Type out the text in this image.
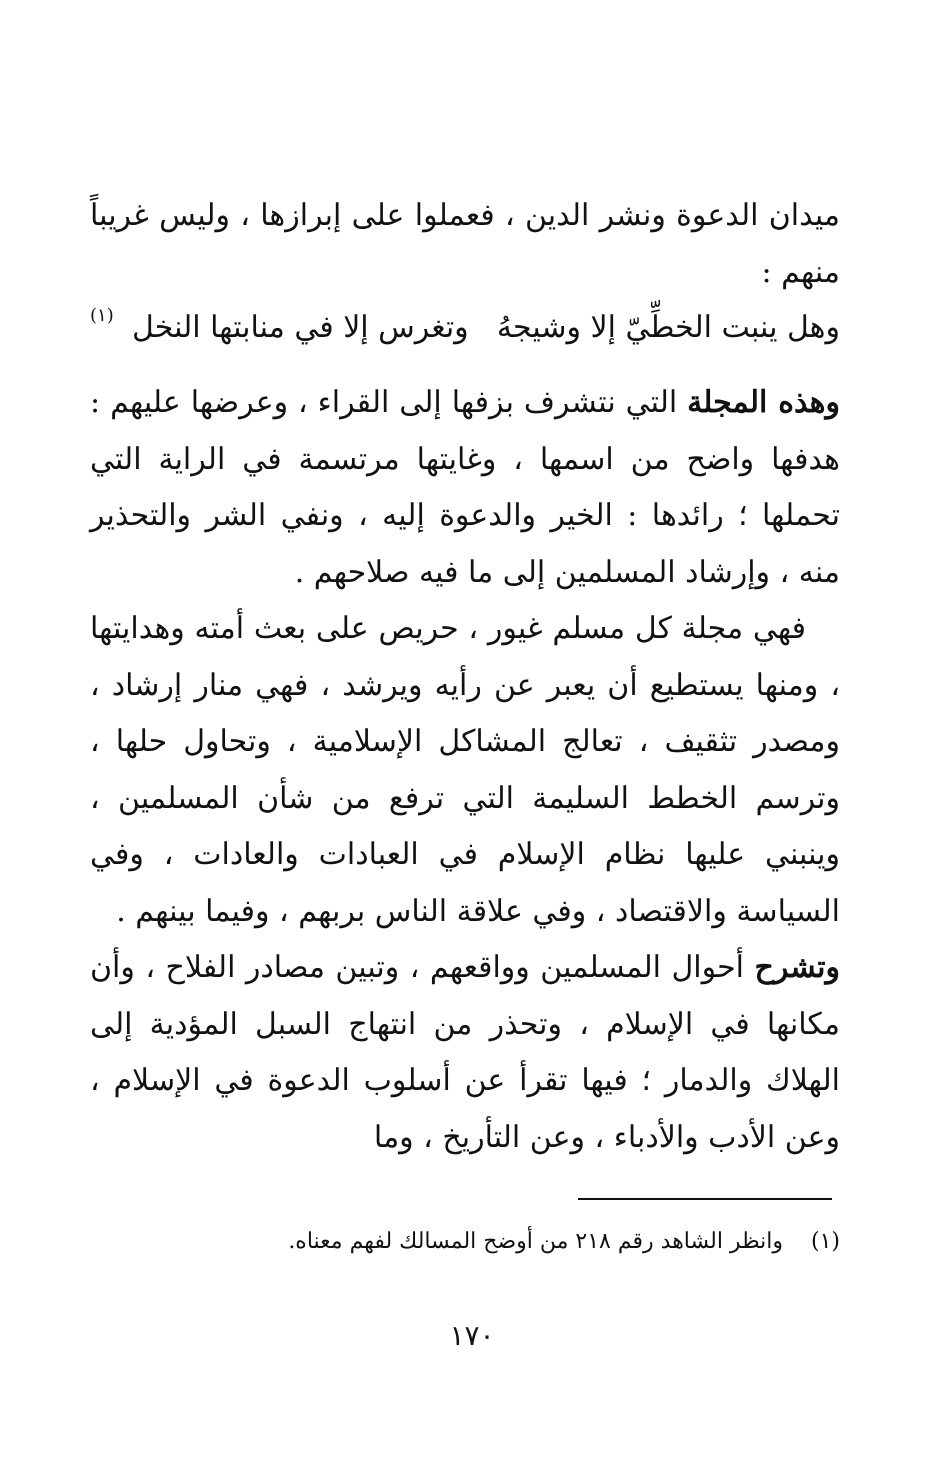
ميدان الدعوة ونشر الدين ، فعملوا على إبرازها ، وليس غريباً منهم :

وهل ينبت الخطِّيّ إلا وشيجهُ
وتغرس إلا في منابتها النخل
(١)

وهذه المجلة التي نتشرف بزفها إلى القراء ، وعرضها عليهم : هدفها واضح من اسمها ، وغايتها مرتسمة في الراية التي تحملها ؛ رائدها : الخير والدعوة إليه ، ونفي الشر والتحذير منه ، وإرشاد المسلمين إلى ما فيه صلاحهم .

فهي مجلة كل مسلم غيور ، حريص على بعث أمته وهدايتها ، ومنها يستطيع أن يعبر عن رأيه ويرشد ، فهي منار إرشاد ، ومصدر تثقيف ، تعالج المشاكل الإسلامية ، وتحاول حلها ، وترسم الخطط السليمة التي ترفع من شأن المسلمين ، وينبني عليها نظام الإسلام في العبادات والعادات ، وفي السياسة والاقتصاد ، وفي علاقة الناس بربهم ، وفيما بينهم .

وتشرح أحوال المسلمين وواقعهم ، وتبين مصادر الفلاح ، وأن مكانها في الإسلام ، وتحذر من انتهاج السبل المؤدية إلى الهلاك والدمار ؛ فيها تقرأ عن أسلوب الدعوة في الإسلام ، وعن الأدب والأدباء ، وعن التأريخ ، وما

(١)    وانظر الشاهد رقم ٢١٨ من أوضح المسالك لفهم معناه.
١٧٠
